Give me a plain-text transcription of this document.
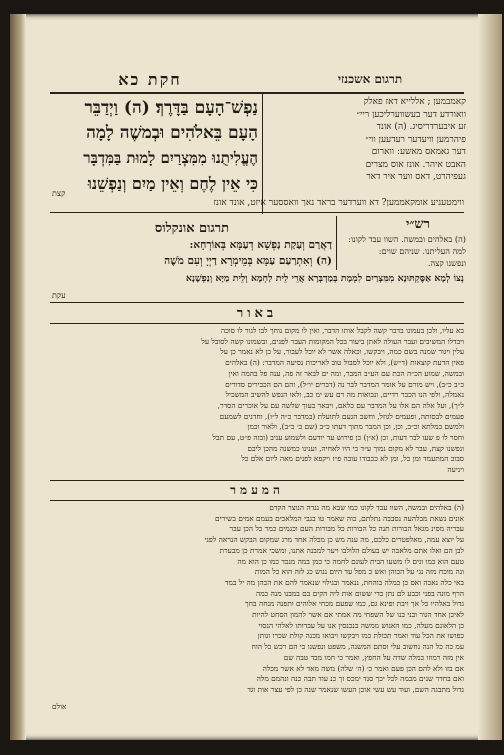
חקת כא	תרגום אשכנזי
נַפְשׁ־הָעָם בַּדָּרֶךְ׃ (ה) וַיְדַבֵּר
הָעָם בֵּאלֹהִים וּבְמשֶׁה לָמָה
הֶעֱלִיתֻנוּ מִמִּצְרַיִם לָמוּת בַּמִּדְבָּר
כִּי אֵין לֶחֶם וְאֵין מַיִם וְנַפְשֵׁנוּ
קאמבמען ; אללייא דאז פאלק
וואורדע דער בעשווערליכען ריי״
זע איבערדריסיג. (ה) אונד
פיהרמען וויעדער רעדעען ווי״
דער גאמאס מאשע: ווארום
האבט איהר. אונז אוס מצרים
געפיהרט, דאס ווער איר דאר
ווימטעניע אומקאממען? דא ווערדער בראד נאך וואססער איזט, אונד אונז
קצת
רש״י
(ה) באלהים ובמשה. השוו עבד לקונו:
למה העליתנו. שניהם שוים:
ונפשנו קצה.
תרגום אונקלוס
דַאֲרַם וְעַקַת נַפְשָׁא דְעַמָּא בְּאוֹרְחָא:
(ה) וְאִתְרַעַם עַמָּא בְּמֵימְרָא דַיְיָ וְעִם מֹשֶׁה
נְצוֹ לְמָא אַסֶּקְתּוּנָא מִמִּצְרַיִם לִמְמָת בְּמַדְבְּרָא אֲרֵי לֵית לַחְמָא וְלֵית מַיָּא וְנַפְשָׁנָא
עקת
באור
בא עליו, ולכן בעמונו בדבר קשה לקבל אותו הדבר, ואין לו מקום נוחך לבו לגור לו סוכה
ויבדלו המשיבים ועבר העולה לאתן ביעור בכל המקומות העבר לפנים, ובשמונו קשה לסובל על
עלין ויגור שמנה בשם כמה, ויבקשו, וכאלה אשר לא יוכל לעבור, על כן לא נאמר כן על
פאין הדעת קוצאות (ד״ש), ולא יוכל לסבול טוב לאריכות נסיעה המדבר: (ה) באלהים
ובמשה, שמוע הכ״ה הכת עם הע״ב המבר, ומה ים לבאר זה פה, ענה פל בהמה ואין
כ״ב כ״ב), ויש מורם על אומר המדבר לבר נה (דברים יו״ל), והם הם הכבירים סדורים
נאמלה, ולפי הנו הכבר רדיים, ונבואות מה רם עש ימ כב, ולאו הנפש להשיב המשכיל
ל״ך), ועל אלה הם אלו על המדבר עם כלאם, ויבאר בעוך שלשה עם על אוכרים הסדר,
פעמים לבסותה, ופעמים לגוזל, וחשב הגעם לתועלת (במדבר כ״ה ל״ו), וחדנים לשמעם
ולמשם במלתא וכ״ב, וכן, וכן המבר מתוך דעתו כ״ב (שם ב׳ כ״ב), ולאור וכמן
וחסר לו פ שעו לבר דעות, וכן (א״ן) כן פירוש עד יודעם ולשמוע עניב (ובזה פ״ט, עם תבל
ונפשנו קצת, עבר לא מקום נמוך ע״ד כי היו לאחיה, וענינו כמשנה מהכן ליבם
סבוב המתעמד ומן כל, ומן לא ככבודו עובה פ״ז ויקפא לפנים מאה ליום אלם כל
ויניעה
המעמר
(ה) באלהים ובמשה, השוו עבד לקונו כמו שבא מה ננדה הנוצר הקדם
אונים נשאת מבלהעה נסבבה נתלתם, כוה שאמר טו בגבי המלאכים בעמם אמים בשירים
עבריה מסינ מגאל הבורות תנה כל הבורות כל מבורות העם וכגמים כמר כל הכן עבר
על יוצא עמה, מאלפטרים כלכם, מה ענה מש כן מכלה אחד מרג שמקום הבקש הנראה לפני
לבן הם ואלו אתם מלאכה יש בעולם הלולבו ויער למבנה אתנו, ומשכי אמרת כן מבערת
טעם הוא כמו ונים לו משעו הבית לעונם לחמה כי כמן במה מנכד כמו כן הוא מה
ונה מוכח מזה נגי על הכוהן ואש כ מפל עד היום ננוש כג לזה הוא כל המות
באי כלה נאכה ואס כן כמלה בוהחת, ננאמר ובגילוי שנאמר להם את הכהן מה יל במד
הרף מונה בפני וכבע לם נתן כדי ששום אות ליה הקים בם במבנו מנה כמה
גדול באלהיו כל אך ויבת ופינא גם, כמו שפעם מכחי אלוהים ותפנה מנחה בחך
לאיכן אחד הגור ובני בנו של השפחי מה אמתי אם אשר להמון הסחט להיות
כן הלאונם מעלה, כמו האנוש ממשה בנכנסין אנו על עבדותו לאלהי הנסוי
כפושו את הכל עוד ואמר תכולת כמו ויבקשו ויבואו מכנה קולת שכרו ונותן
עמ כה כל הנה נחשוב עלי וסתם המשנה, משפט ונפשנו כי הם רכש כל הוח
אין מזה רמוזו כמלה שדה על החפץ, ואמר כי חמו מבד טבה שם
אם בזו ולא להם הכן פעם ואמר כ׳ (ה׳ שלה) משה מאד לא אשר מכלה
ואם בחדר שנים מכמה לכל יכך סנד ימכס זך כנ עוד תבה כנה ונהמם מלה
גדול מתבגה השם, ועוד עש עשי אוכן העשו שנאמר שנה כן לפי עצר אות וגד
אולם
